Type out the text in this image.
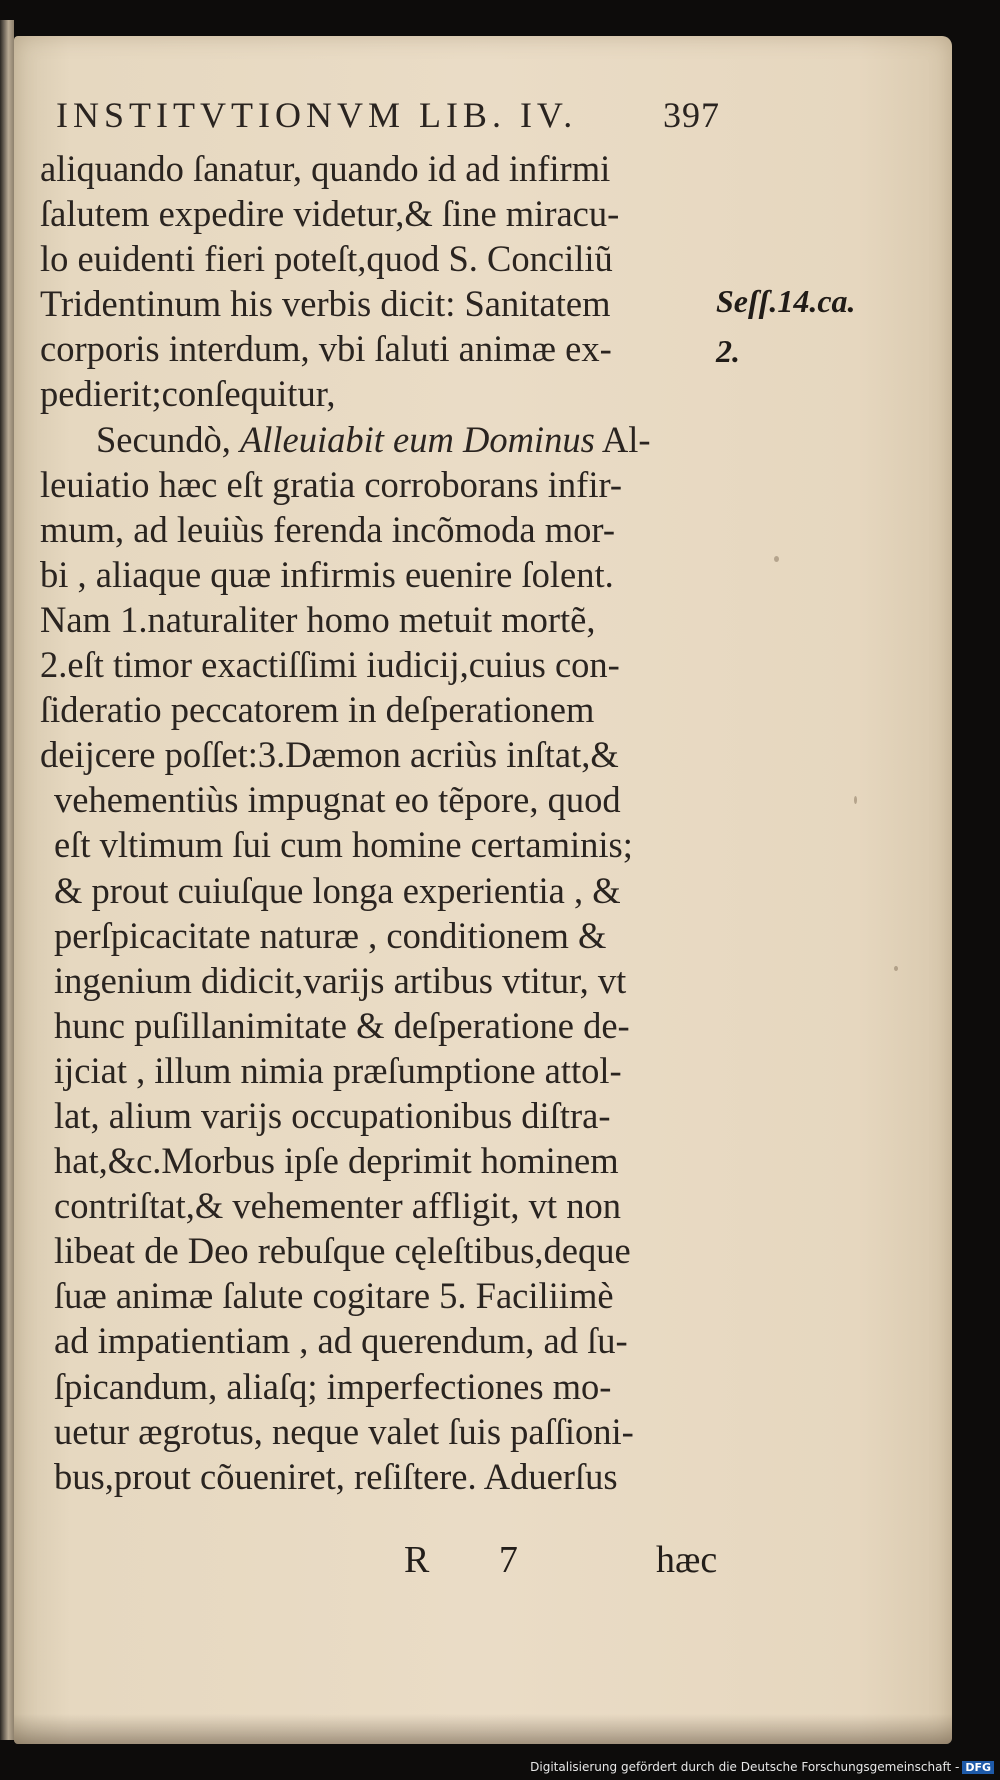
INSTITVTIONVM LIB. IV. 397
aliquando ſanatur, quando id ad infirmi
ſalutem expedire videtur,& ſine miracu-
lo euidenti fieri poteſt,quod S. Conciliũ
Tridentinum his verbis dicit: Sanitatem
corporis interdum, vbi ſaluti animæ ex-
pedierit;conſequitur,
Secundò, Alleuiabit eum Dominus Al-
leuiatio hæc eſt gratia corroborans infir-
mum, ad leuiùs ferenda incõmoda mor-
bi , aliaque quæ infirmis euenire ſolent.
Nam 1.naturaliter homo metuit mortẽ,
2.eſt timor exactiſſimi iudicij,cuius con-
ſideratio peccatorem in deſperationem
deijcere poſſet:3.Dæmon acriùs inſtat,&
vehementiùs impugnat eo tẽpore, quod
eſt vltimum ſui cum homine certaminis;
& prout cuiuſque longa experientia , &
perſpicacitate naturæ , conditionem &
ingenium didicit,varijs artibus vtitur, vt
hunc puſillanimitate & deſperatione de-
ijciat , illum nimia præſumptione attol-
lat, alium varijs occupationibus diſtra-
hat,&c.Morbus ipſe deprimit hominem
contriſtat,& vehementer affligit, vt non
libeat de Deo rebuſque cęleſtibus,deque
ſuæ animæ ſalute cogitare 5. Faciliimè
ad impatientiam , ad querendum, ad ſu-
ſpicandum, aliaſq; imperfectiones mo-
uetur ægrotus, neque valet ſuis paſſioni-
bus,prout cõueniret, reſiſtere. Aduerſus
Seſſ.14.ca.
2.
R 7	hæc
Digitalisierung gefördert durch die Deutsche Forschungsgemeinschaft - DFG
